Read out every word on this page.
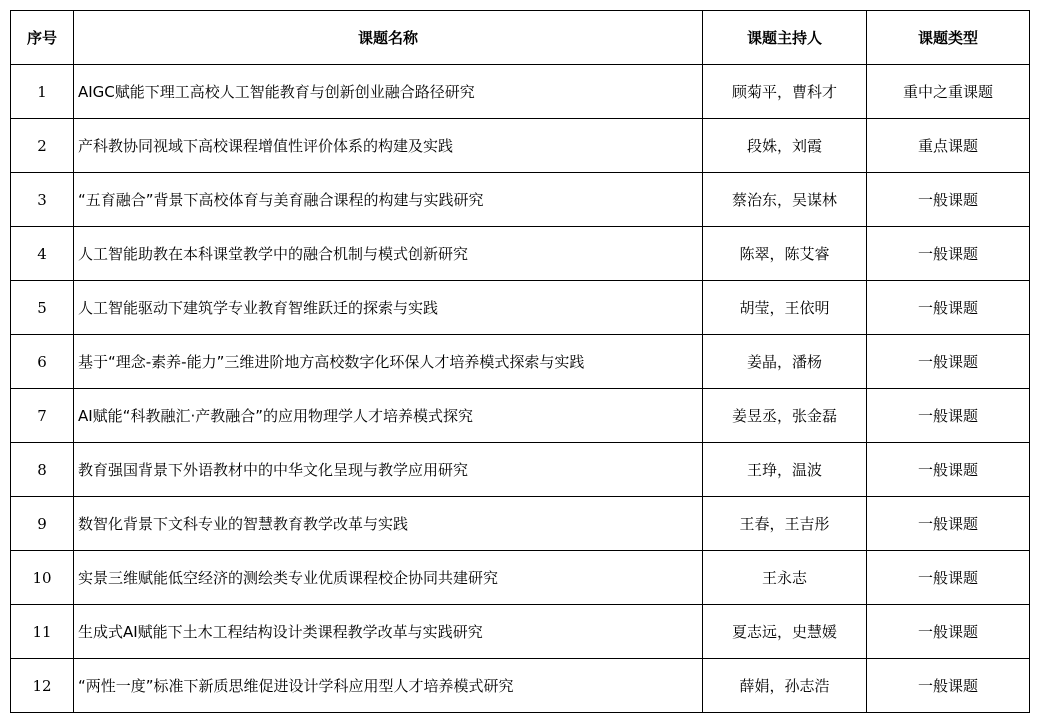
序号	课题名称	课题主持人	课题类型
1	AIGC赋能下理工高校人工智能教育与创新创业融合路径研究	顾菊平，曹科才	重中之重课题
2	产科教协同视域下高校课程增值性评价体系的构建及实践	段姝，刘霞	重点课题
3	“五育融合”背景下高校体育与美育融合课程的构建与实践研究	蔡治东，吴谋林	一般课题
4	人工智能助教在本科课堂教学中的融合机制与模式创新研究	陈翠，陈艾睿	一般课题
5	人工智能驱动下建筑学专业教育智维跃迁的探索与实践	胡莹，王依明	一般课题
6	基于“理念-素养-能力”三维进阶地方高校数字化环保人才培养模式探索与实践	姜晶，潘杨	一般课题
7	AI赋能“科教融汇·产教融合”的应用物理学人才培养模式探究	姜昱丞，张金磊	一般课题
8	教育强国背景下外语教材中的中华文化呈现与教学应用研究	王琤，温波	一般课题
9	数智化背景下文科专业的智慧教育教学改革与实践	王春，王吉彤	一般课题
10	实景三维赋能低空经济的测绘类专业优质课程校企协同共建研究	王永志	一般课题
11	生成式AI赋能下土木工程结构设计类课程教学改革与实践研究	夏志远，史慧媛	一般课题
12	“两性一度”标准下新质思维促进设计学科应用型人才培养模式研究	薛娟，孙志浩	一般课题
